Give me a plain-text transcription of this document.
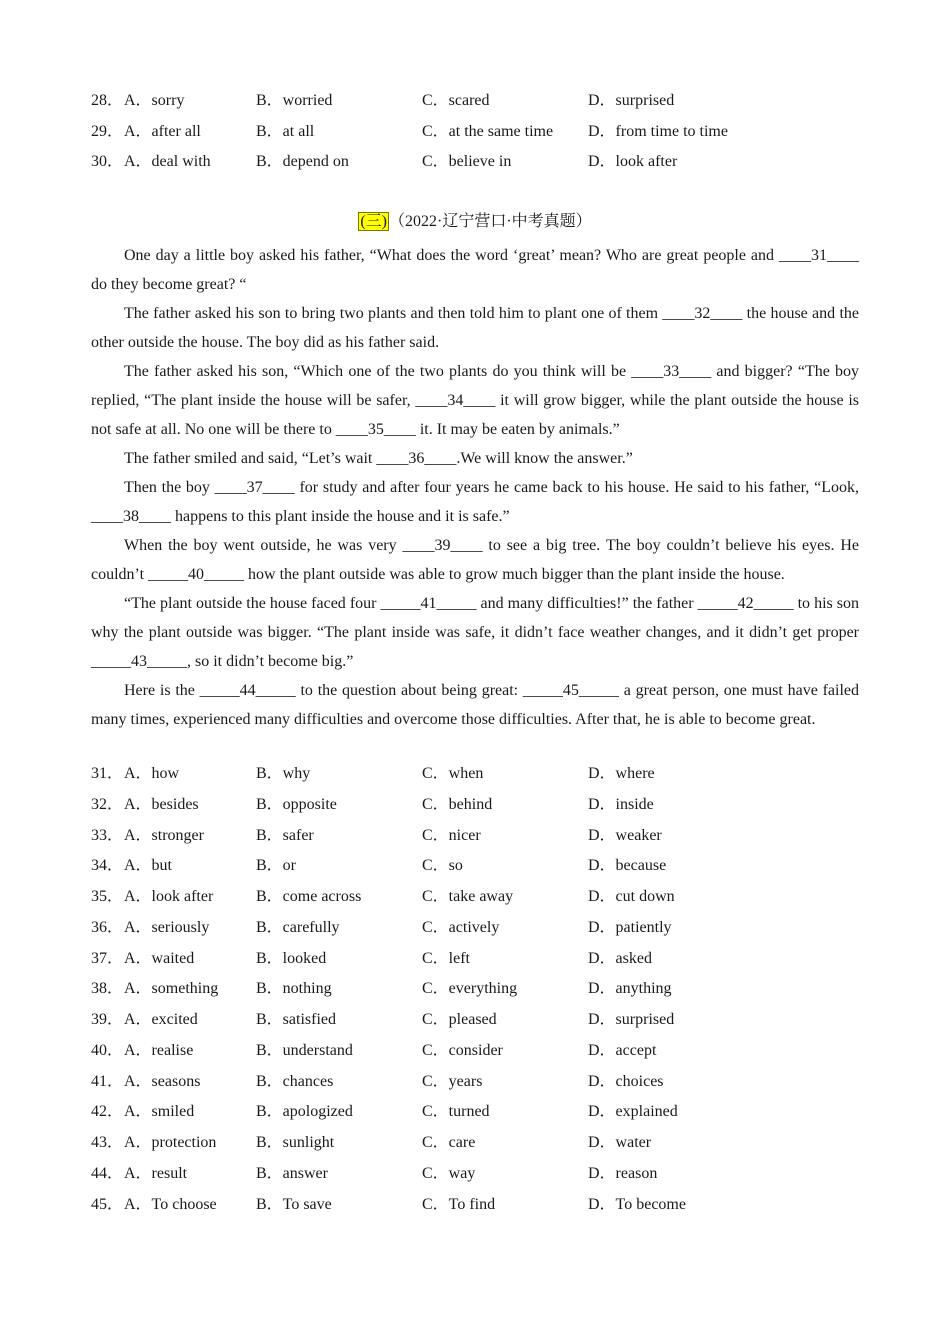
28． A．sorry	B．worried	C．scared	D．surprised
29． A．after all	B．at all	C．at the same time D．from time to time
30． A．deal with	B．depend on	C．believe in	D．look after
(三) （2022·辽宁营口·中考真题）

One day a little boy asked his father, “What does the word ‘great’ mean? Who are great people and ____31____ do they become great? “

The father asked his son to bring two plants and then told him to plant one of them ____32____ the house and the other outside the house. The boy did as his father said.

The father asked his son, “Which one of the two plants do you think will be ____33____ and bigger? “The boy replied, “The plant inside the house will be safer, ____34____ it will grow bigger, while the plant outside the house is not safe at all. No one will be there to ____35____ it. It may be eaten by animals.”

The father smiled and said, “Let’s wait ____36____.We will know the answer.”

Then the boy ____37____ for study and after four years he came back to his house. He said to his father, “Look, ____38____ happens to this plant inside the house and it is safe.”

When the boy went outside, he was very ____39____ to see a big tree. The boy couldn’t believe his eyes. He couldn’t _____40_____ how the plant outside was able to grow much bigger than the plant inside the house.

“The plant outside the house faced four _____41_____ and many difficulties!” the father _____42_____ to his son why the plant outside was bigger. “The plant inside was safe, it didn’t face weather changes, and it didn’t get proper _____43_____, so it didn’t become big.”

Here is the _____44_____ to the question about being great: _____45_____ a great person, one must have failed many times, experienced many difficulties and overcome those difficulties. After that, he is able to become great.

31． A．how	B．why	C．when	D．where
32． A．besides	B．opposite	C．behind	D．inside
33． A．stronger	B．safer	C．nicer	D．weaker
34． A．but	B．or	C．so	D．because
35． A．look after	B．come across	C．take away	D．cut down
36． A．seriously	B．carefully	C．actively	D．patiently
37． A．waited	B．looked	C．left	D．asked
38． A．something B．nothing	C．everything	D．anything
39． A．excited	B．satisfied	C．pleased	D．surprised
40． A．realise	B．understand	C．consider	D．accept
41． A．seasons	B．chances	C．years	D．choices
42． A．smiled	B．apologized	C．turned	D．explained
43． A．protection B．sunlight	C．care	D．water
44． A．result	B．answer	C．way	D．reason
45． A．To choose B．To save	C．To find	D．To become
